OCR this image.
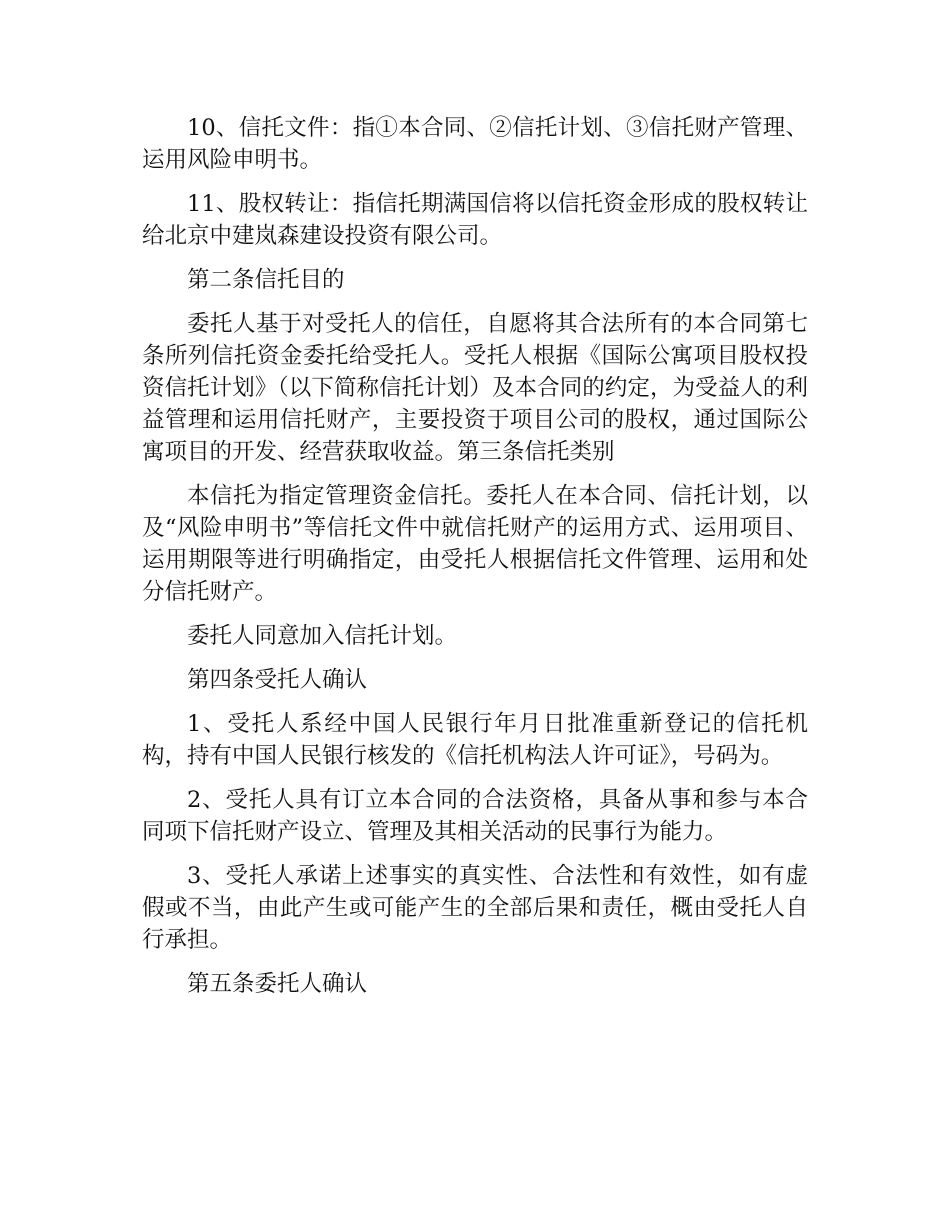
10、信托文件：指①本合同、②信托计划、③信托财产管理、运用风险申明书。

11、股权转让：指信托期满国信将以信托资金形成的股权转让给北京中建岚森建设投资有限公司。

第二条信托目的

委托人基于对受托人的信任，自愿将其合法所有的本合同第七条所列信托资金委托给受托人。受托人根据《国际公寓项目股权投资信托计划》（以下简称信托计划）及本合同的约定，为受益人的利益管理和运用信托财产，主要投资于项目公司的股权，通过国际公寓项目的开发、经营获取收益。第三条信托类别

本信托为指定管理资金信托。委托人在本合同、信托计划，以及“风险申明书”等信托文件中就信托财产的运用方式、运用项目、运用期限等进行明确指定，由受托人根据信托文件管理、运用和处分信托财产。

委托人同意加入信托计划。

第四条受托人确认

1、受托人系经中国人民银行年月日批准重新登记的信托机构，持有中国人民银行核发的《信托机构法人许可证》，号码为。

2、受托人具有订立本合同的合法资格，具备从事和参与本合同项下信托财产设立、管理及其相关活动的民事行为能力。

3、受托人承诺上述事实的真实性、合法性和有效性，如有虚假或不当，由此产生或可能产生的全部后果和责任，概由受托人自行承担。

第五条委托人确认
